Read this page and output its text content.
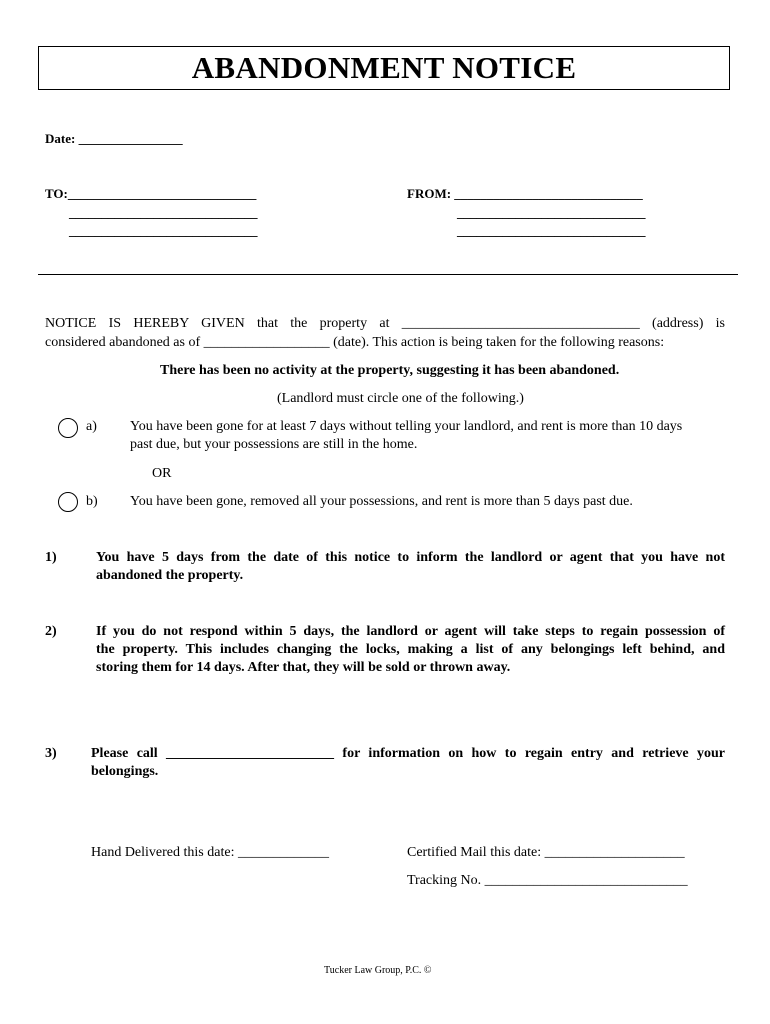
ABANDONMENT NOTICE
Date: ________________
TO:_____________________________
_____________________________
_____________________________
FROM: _____________________________
_____________________________
_____________________________
NOTICE IS HEREBY GIVEN that the property at __________________________________ (address) is
considered abandoned as of __________________ (date). This action is being taken for the following reasons:
There has been no activity at the property, suggesting it has been abandoned.
(Landlord must circle one of the following.)
a) You have been gone for at least 7 days without telling your landlord, and rent is more than 10 days
past due, but your possessions are still in the home.
OR
b) You have been gone, removed all your possessions, and rent is more than 5 days past due.
1)	You have 5 days from the date of this notice to inform the landlord or agent that you have not
abandoned the property.
2)	If you do not respond within 5 days, the landlord or agent will take steps to regain possession of
the property. This includes changing the locks, making a list of any belongings left behind, and
storing them for 14 days. After that, they will be sold or thrown away.
3) Please call ________________________ for information on how to regain entry and retrieve your
belongings.
Hand Delivered this date: _____________	Certified Mail this date: ____________________
Tracking No. _____________________________
Tucker Law Group, P.C. ©
